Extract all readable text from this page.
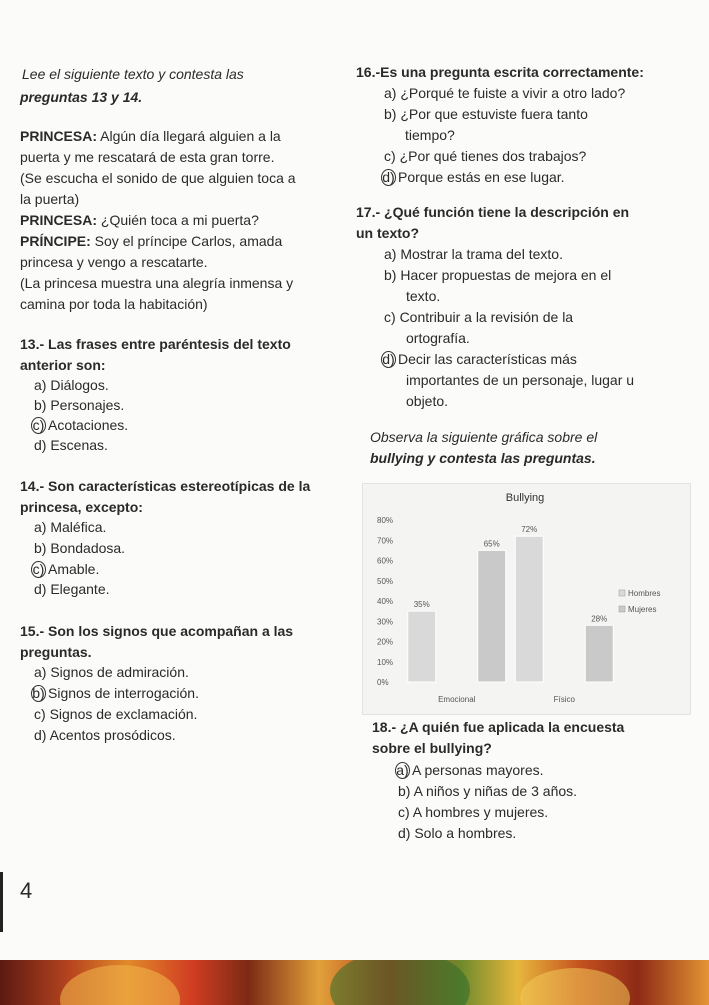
Lee el siguiente texto y contesta las
preguntas 13 y 14.
PRINCESA: Algún día llegará alguien a la
puerta y me rescatará de esta gran torre.
(Se escucha el sonido de que alguien toca a
la puerta)
PRINCESA: ¿Quién toca a mi puerta?
PRÍNCIPE: Soy el príncipe Carlos, amada
princesa y vengo a rescatarte.
(La princesa muestra una alegría inmensa y
camina por toda la habitación)
13.- Las frases entre paréntesis del texto
anterior son:
a) Diálogos.
b) Personajes.
c) Acotaciones.
d) Escenas.
14.- Son características estereotípicas de la
princesa, excepto:
a) Maléfica.
b) Bondadosa.
c) Amable.
d) Elegante.
15.- Son los signos que acompañan a las
preguntas.
a) Signos de admiración.
b) Signos de interrogación.
c) Signos de exclamación.
d) Acentos prosódicos.
4
16.-Es una pregunta escrita correctamente:
a) ¿Porqué te fuiste a vivir a otro lado?
b) ¿Por que estuviste fuera tanto
tiempo?
c) ¿Por qué tienes dos trabajos?
d) Porque estás en ese lugar.
17.- ¿Qué función tiene la descripción en
un texto?
a) Mostrar la trama del texto.
b) Hacer propuestas de mejora en el
texto.
c) Contribuir a la revisión de la
ortografía.
d) Decir las características más
importantes de un personaje, lugar u
objeto.
Observa la siguiente gráfica sobre el
bullying y contesta las preguntas.
Bullying
0%
10%
20%
30%
40%
50%
60%
70%
80%
35%
65%
Emocional
72%
28%
Físico
Hombres
Mujeres
18.- ¿A quién fue aplicada la encuesta
sobre el bullying?
a) A personas mayores.
b) A niños y niñas de 3 años.
c) A hombres y mujeres.
d) Solo a hombres.
